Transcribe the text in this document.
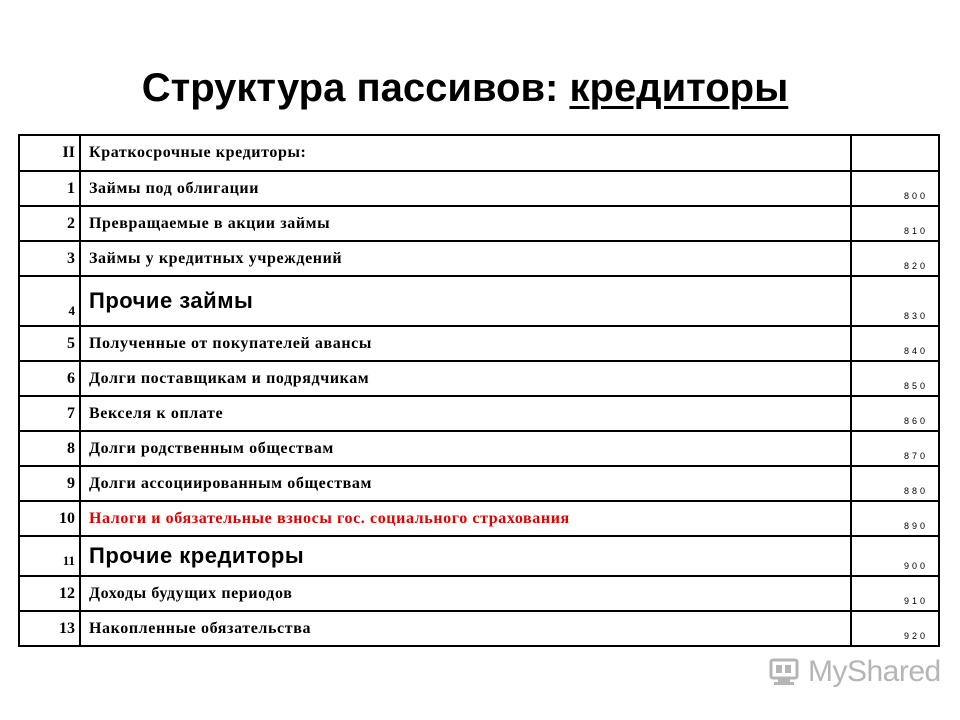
Структура пассивов: кредиторы
II	Краткосрочные кредиторы:	
1	Займы под облигации	800
2	Превращаемые в акции займы	810
3	Займы у кредитных учреждений	820
4	Прочие займы	830
5	Полученные от покупателей авансы	840
6	Долги поставщикам и подрядчикам	850
7	Векселя к оплате	860
8	Долги родственным обществам	870
9	Долги ассоциированным обществам	880
10	Налоги и обязательные взносы гос. социального страхования	890
11	Прочие кредиторы	900
12	Доходы будущих периодов	910
13	Накопленные обязательства	920
MyShared
